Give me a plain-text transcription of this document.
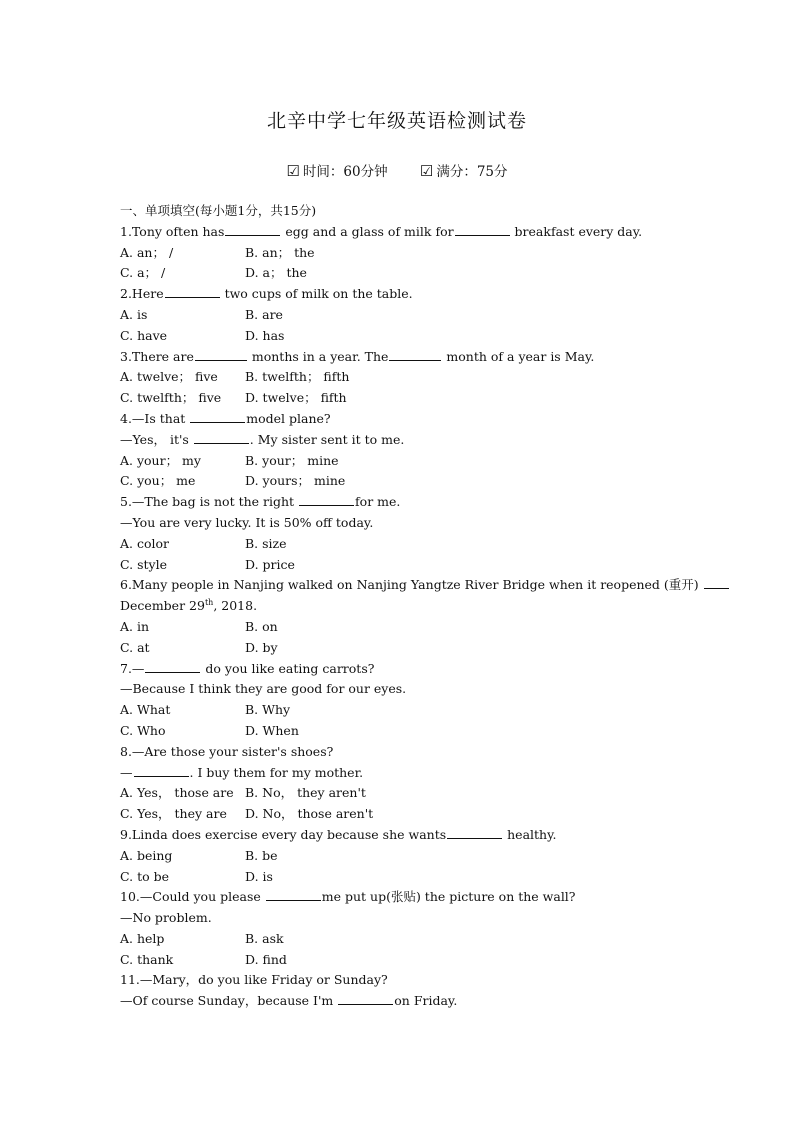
北辛中学七年级英语检测试卷
☑ 时间：60分钟 ☑ 满分：75分
一、单项填空(每小题1分，共15分)
1.Tony often has	egg and a glass of milk for	breakfast every day.
A. an； /	B. an； the
C. a； /	D. a； the
2.Here	two cups of milk on the table.
A. is	B. are
C. have	D. has
3.There are	months in a year. The	month of a year is May.
A. twelve； five	B. twelfth； fifth
C. twelfth； five	D. twelve； fifth
4.—Is that	model plane?
—Yes， it's	. My sister sent it to me.
A. your； my	B. your； mine
C. you； me	D. yours； mine
5.—The bag is not the right	for me.
—You are very lucky. It is 50% off today.
A. color	B. size
C. style	D. price
6.Many people in Nanjing walked on Nanjing Yangtze River Bridge when it reopened (重开)
December 29th, 2018.
A. in	B. on
C. at	D. by
7.—	do you like eating carrots?
—Because I think they are good for our eyes.
A. What	B. Why
C. Who	D. When
8.—Are those your sister's shoes?
—	. I buy them for my mother.
A. Yes， those are B. No， they aren't
C. Yes， they are	D. No， those aren't
9.Linda does exercise every day because she wants	healthy.
A. being	B. be
C. to be	D. is
10.—Could you please	me put up(张贴) the picture on the wall?
—No problem.
A. help	B. ask
C. thank	D. find
11.—Mary，do you like Friday or Sunday?
—Of course Sunday，because I'm	on Friday.
